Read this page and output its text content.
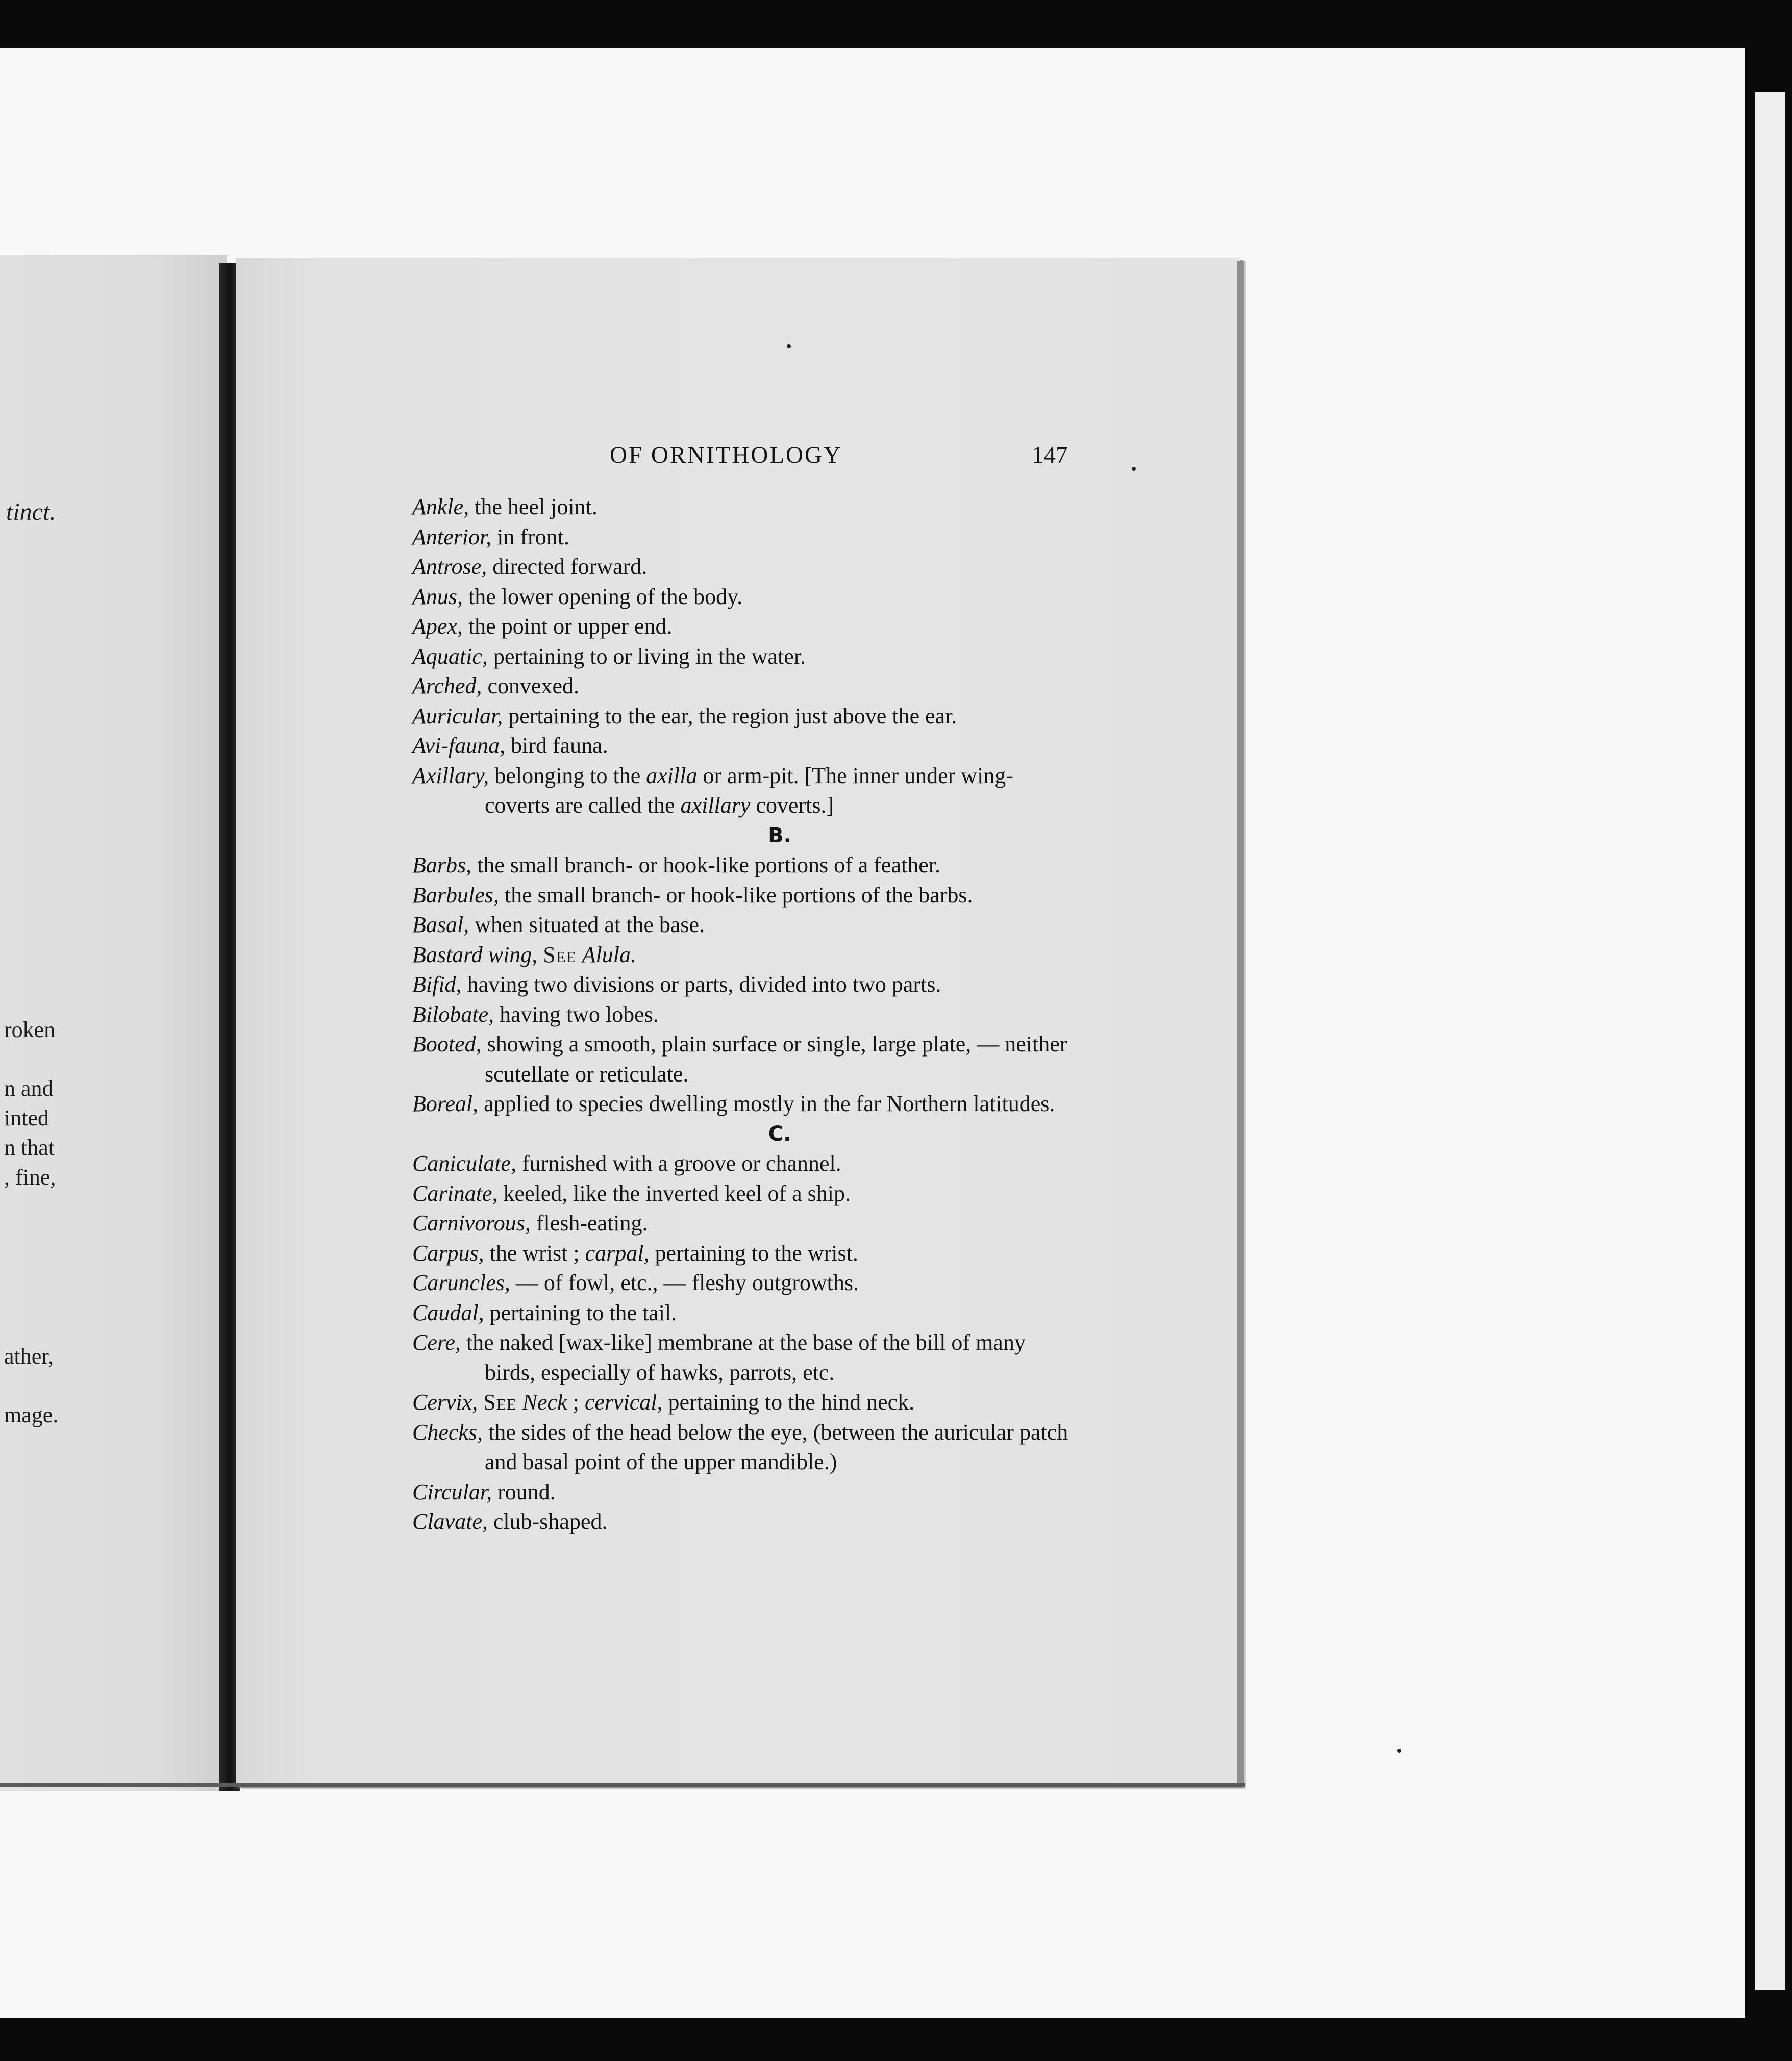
tinct.
roken
n and
inted
n that
, fine,
ather,
mage.
OF ORNITHOLOGY	147
Ankle, the heel joint.
Anterior, in front.
Antrose, directed forward.
Anus, the lower opening of the body.
Apex, the point or upper end.
Aquatic, pertaining to or living in the water.
Arched, convexed.
Auricular, pertaining to the ear, the region just above the ear.
Avi-fauna, bird fauna.
Axillary, belonging to the axilla or arm-pit. [The inner under wing-coverts are called the axillary coverts.]
B.
Barbs, the small branch- or hook-like portions of a feather.
Barbules, the small branch- or hook-like portions of the barbs.
Basal, when situated at the base.
Bastard wing, See Alula.
Bifid, having two divisions or parts, divided into two parts.
Bilobate, having two lobes.
Booted, showing a smooth, plain surface or single, large plate, — neither scutellate or reticulate.
Boreal, applied to species dwelling mostly in the far Northern latitudes.
C.
Caniculate, furnished with a groove or channel.
Carinate, keeled, like the inverted keel of a ship.
Carnivorous, flesh-eating.
Carpus, the wrist ; carpal, pertaining to the wrist.
Caruncles, — of fowl, etc., — fleshy outgrowths.
Caudal, pertaining to the tail.
Cere, the naked [wax-like] membrane at the base of the bill of many birds, especially of hawks, parrots, etc.
Cervix, See Neck ; cervical, pertaining to the hind neck.
Checks, the sides of the head below the eye, (between the auricular patch and basal point of the upper mandible.)
Circular, round.
Clavate, club-shaped.
